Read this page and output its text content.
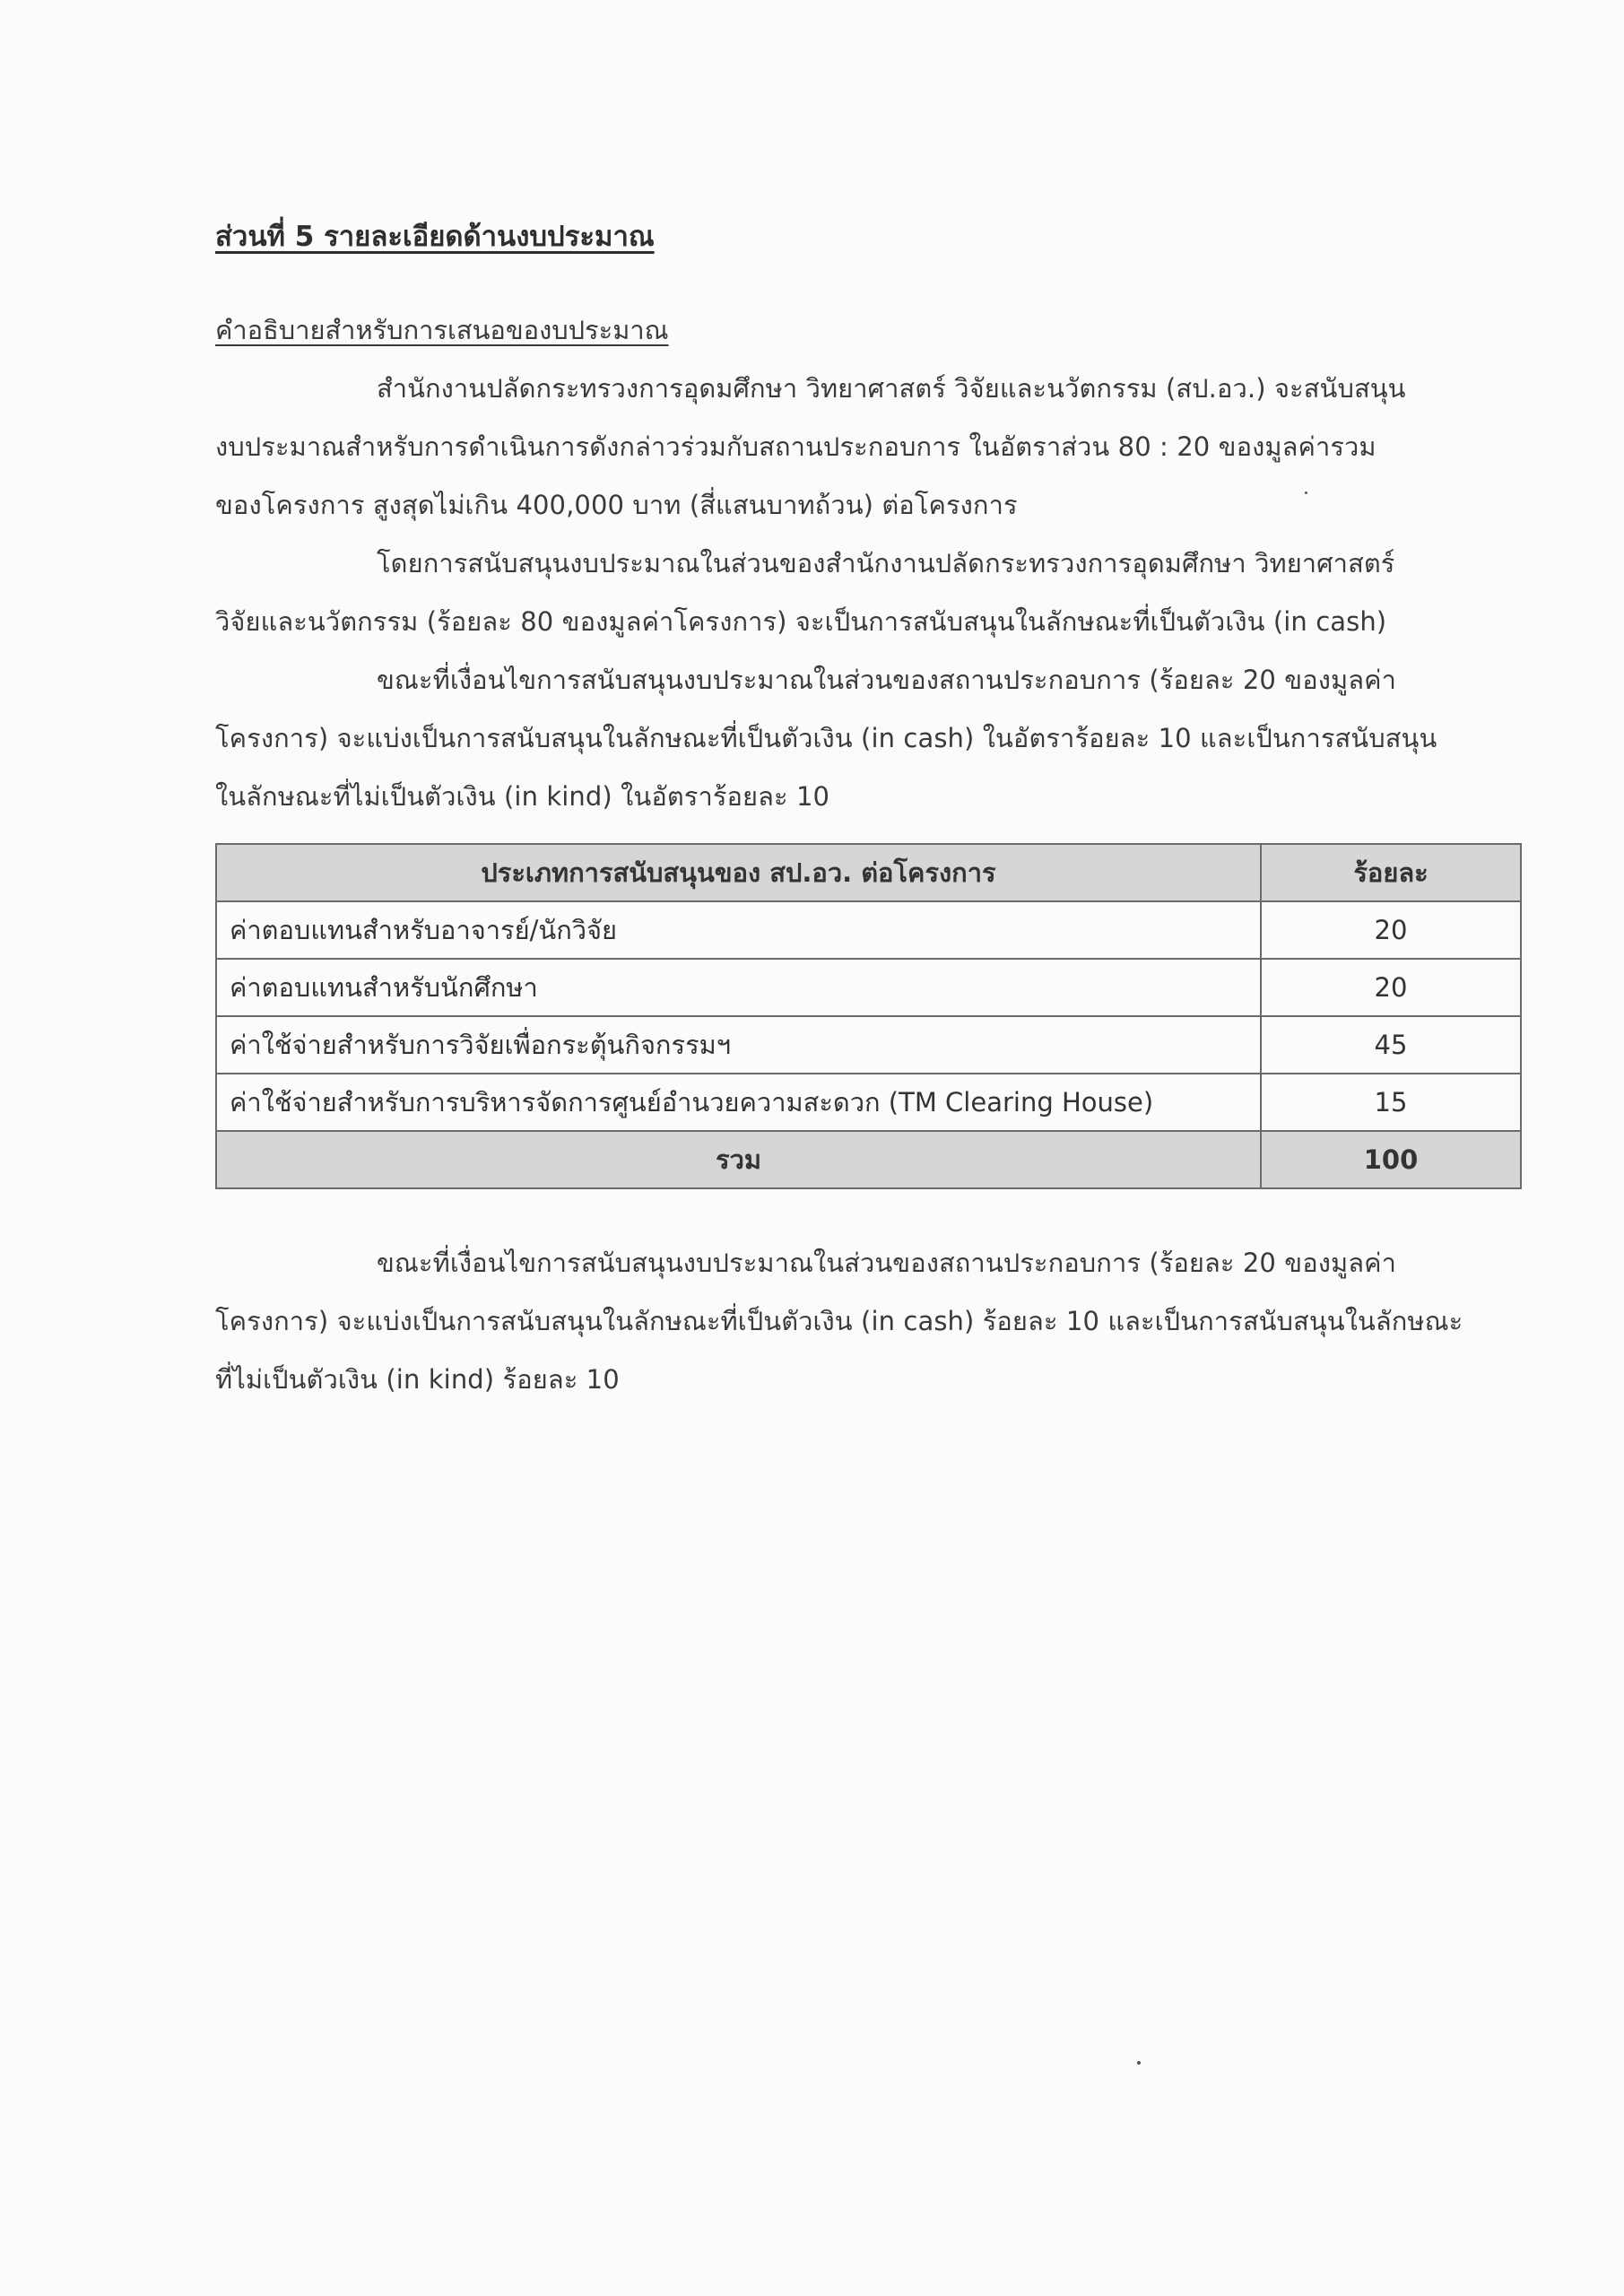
ส่วนที่ 5 รายละเอียดด้านงบประมาณ
คำอธิบายสำหรับการเสนอของบประมาณ
สำนักงานปลัดกระทรวงการอุดมศึกษา วิทยาศาสตร์ วิจัยและนวัตกรรม (สป.อว.) จะสนับสนุน
งบประมาณสำหรับการดำเนินการดังกล่าวร่วมกับสถานประกอบการ ในอัตราส่วน 80 : 20 ของมูลค่ารวม
ของโครงการ สูงสุดไม่เกิน 400,000 บาท (สี่แสนบาทถ้วน) ต่อโครงการ
โดยการสนับสนุนงบประมาณในส่วนของสำนักงานปลัดกระทรวงการอุดมศึกษา วิทยาศาสตร์
วิจัยและนวัตกรรม (ร้อยละ 80 ของมูลค่าโครงการ) จะเป็นการสนับสนุนในลักษณะที่เป็นตัวเงิน (in cash)
ขณะที่เงื่อนไขการสนับสนุนงบประมาณในส่วนของสถานประกอบการ (ร้อยละ 20 ของมูลค่า
โครงการ) จะแบ่งเป็นการสนับสนุนในลักษณะที่เป็นตัวเงิน (in cash) ในอัตราร้อยละ 10 และเป็นการสนับสนุน
ในลักษณะที่ไม่เป็นตัวเงิน (in kind) ในอัตราร้อยละ 10
ประเภทการสนับสนุนของ สป.อว. ต่อโครงการ	ร้อยละ
ค่าตอบแทนสำหรับอาจารย์/นักวิจัย	20
ค่าตอบแทนสำหรับนักศึกษา	20
ค่าใช้จ่ายสำหรับการวิจัยเพื่อกระตุ้นกิจกรรมฯ	45
ค่าใช้จ่ายสำหรับการบริหารจัดการศูนย์อำนวยความสะดวก (TM Clearing House)	15
รวม	100
ขณะที่เงื่อนไขการสนับสนุนงบประมาณในส่วนของสถานประกอบการ (ร้อยละ 20 ของมูลค่า
โครงการ) จะแบ่งเป็นการสนับสนุนในลักษณะที่เป็นตัวเงิน (in cash) ร้อยละ 10 และเป็นการสนับสนุนในลักษณะ
ที่ไม่เป็นตัวเงิน (in kind) ร้อยละ 10
